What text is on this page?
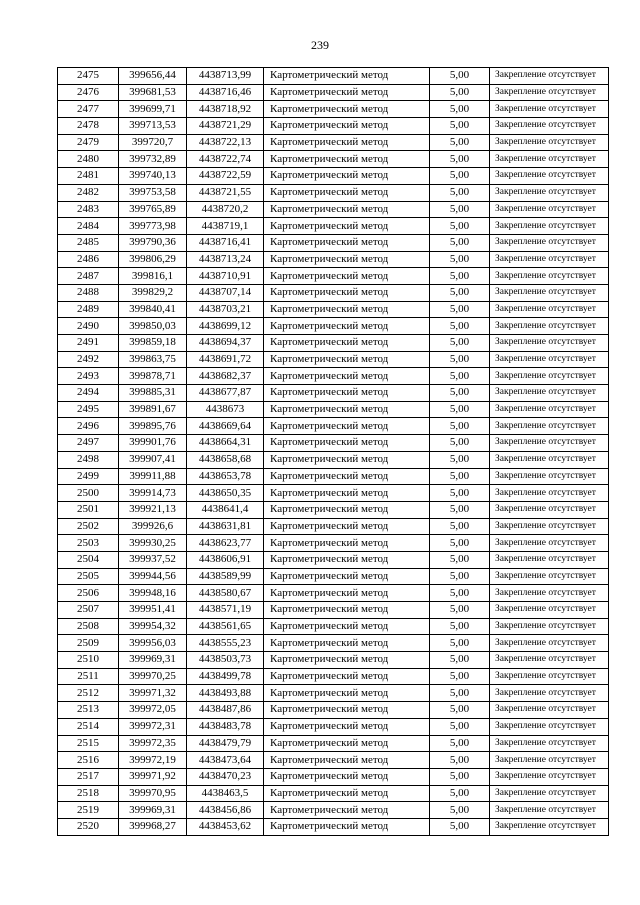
239
2475	399656,44	4438713,99	Картометрический метод	5,00	Закрепление отсутствует
2476	399681,53	4438716,46	Картометрический метод	5,00	Закрепление отсутствует
2477	399699,71	4438718,92	Картометрический метод	5,00	Закрепление отсутствует
2478	399713,53	4438721,29	Картометрический метод	5,00	Закрепление отсутствует
2479	399720,7	4438722,13	Картометрический метод	5,00	Закрепление отсутствует
2480	399732,89	4438722,74	Картометрический метод	5,00	Закрепление отсутствует
2481	399740,13	4438722,59	Картометрический метод	5,00	Закрепление отсутствует
2482	399753,58	4438721,55	Картометрический метод	5,00	Закрепление отсутствует
2483	399765,89	4438720,2	Картометрический метод	5,00	Закрепление отсутствует
2484	399773,98	4438719,1	Картометрический метод	5,00	Закрепление отсутствует
2485	399790,36	4438716,41	Картометрический метод	5,00	Закрепление отсутствует
2486	399806,29	4438713,24	Картометрический метод	5,00	Закрепление отсутствует
2487	399816,1	4438710,91	Картометрический метод	5,00	Закрепление отсутствует
2488	399829,2	4438707,14	Картометрический метод	5,00	Закрепление отсутствует
2489	399840,41	4438703,21	Картометрический метод	5,00	Закрепление отсутствует
2490	399850,03	4438699,12	Картометрический метод	5,00	Закрепление отсутствует
2491	399859,18	4438694,37	Картометрический метод	5,00	Закрепление отсутствует
2492	399863,75	4438691,72	Картометрический метод	5,00	Закрепление отсутствует
2493	399878,71	4438682,37	Картометрический метод	5,00	Закрепление отсутствует
2494	399885,31	4438677,87	Картометрический метод	5,00	Закрепление отсутствует
2495	399891,67	4438673	Картометрический метод	5,00	Закрепление отсутствует
2496	399895,76	4438669,64	Картометрический метод	5,00	Закрепление отсутствует
2497	399901,76	4438664,31	Картометрический метод	5,00	Закрепление отсутствует
2498	399907,41	4438658,68	Картометрический метод	5,00	Закрепление отсутствует
2499	399911,88	4438653,78	Картометрический метод	5,00	Закрепление отсутствует
2500	399914,73	4438650,35	Картометрический метод	5,00	Закрепление отсутствует
2501	399921,13	4438641,4	Картометрический метод	5,00	Закрепление отсутствует
2502	399926,6	4438631,81	Картометрический метод	5,00	Закрепление отсутствует
2503	399930,25	4438623,77	Картометрический метод	5,00	Закрепление отсутствует
2504	399937,52	4438606,91	Картометрический метод	5,00	Закрепление отсутствует
2505	399944,56	4438589,99	Картометрический метод	5,00	Закрепление отсутствует
2506	399948,16	4438580,67	Картометрический метод	5,00	Закрепление отсутствует
2507	399951,41	4438571,19	Картометрический метод	5,00	Закрепление отсутствует
2508	399954,32	4438561,65	Картометрический метод	5,00	Закрепление отсутствует
2509	399956,03	4438555,23	Картометрический метод	5,00	Закрепление отсутствует
2510	399969,31	4438503,73	Картометрический метод	5,00	Закрепление отсутствует
2511	399970,25	4438499,78	Картометрический метод	5,00	Закрепление отсутствует
2512	399971,32	4438493,88	Картометрический метод	5,00	Закрепление отсутствует
2513	399972,05	4438487,86	Картометрический метод	5,00	Закрепление отсутствует
2514	399972,31	4438483,78	Картометрический метод	5,00	Закрепление отсутствует
2515	399972,35	4438479,79	Картометрический метод	5,00	Закрепление отсутствует
2516	399972,19	4438473,64	Картометрический метод	5,00	Закрепление отсутствует
2517	399971,92	4438470,23	Картометрический метод	5,00	Закрепление отсутствует
2518	399970,95	4438463,5	Картометрический метод	5,00	Закрепление отсутствует
2519	399969,31	4438456,86	Картометрический метод	5,00	Закрепление отсутствует
2520	399968,27	4438453,62	Картометрический метод	5,00	Закрепление отсутствует
